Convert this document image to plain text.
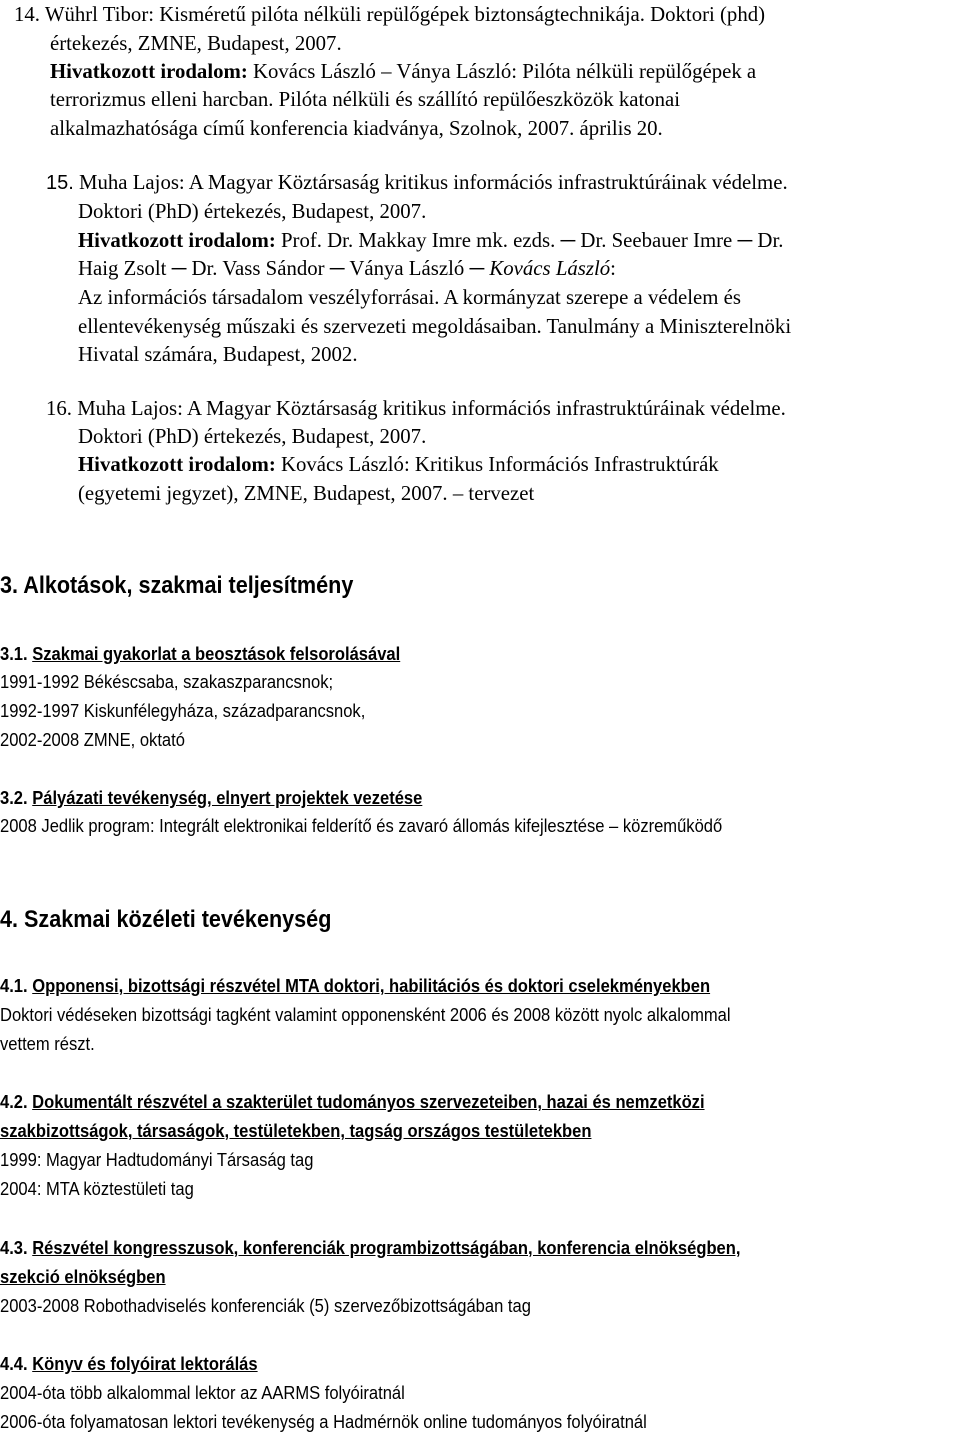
14. Wührl Tibor: Kisméretű pilóta nélküli repülőgépek biztonságtechnikája. Doktori (phd)
értekezés, ZMNE, Budapest, 2007.
Hivatkozott irodalom: Kovács László – Ványa László: Pilóta nélküli repülőgépek a
terrorizmus elleni harcban. Pilóta nélküli és szállító repülőeszközök katonai
alkalmazhatósága című konferencia kiadványa, Szolnok, 2007. április 20.
15. Muha Lajos: A Magyar Köztársaság kritikus információs infrastruktúráinak védelme.
Doktori (PhD) értekezés, Budapest, 2007.
Hivatkozott irodalom: Prof. Dr. Makkay Imre mk. ezds. ─ Dr. Seebauer Imre ─ Dr.
Haig Zsolt ─ Dr. Vass Sándor ─ Ványa László ─ Kovács László:
Az információs társadalom veszélyforrásai. A kormányzat szerepe a védelem és
ellentevékenység műszaki és szervezeti megoldásaiban. Tanulmány a Miniszterelnöki
Hivatal számára, Budapest, 2002.
16. Muha Lajos: A Magyar Köztársaság kritikus információs infrastruktúráinak védelme.
Doktori (PhD) értekezés, Budapest, 2007.
Hivatkozott irodalom: Kovács László: Kritikus Információs Infrastruktúrák
(egyetemi jegyzet), ZMNE, Budapest, 2007. – tervezet
3. Alkotások, szakmai teljesítmény
3.1. Szakmai gyakorlat a beosztások felsorolásával
1991-1992 Békéscsaba, szakaszparancsnok;
1992-1997 Kiskunfélegyháza, századparancsnok,
2002-2008 ZMNE, oktató
3.2. Pályázati tevékenység, elnyert projektek vezetése
2008 Jedlik program: Integrált elektronikai felderítő és zavaró állomás kifejlesztése – közreműködő
4. Szakmai közéleti tevékenység
4.1. Opponensi, bizottsági részvétel MTA doktori, habilitációs és doktori cselekményekben
Doktori védéseken bizottsági tagként valamint opponensként 2006 és 2008 között nyolc alkalommal
vettem részt.
4.2. Dokumentált részvétel a szakterület tudományos szervezeteiben, hazai és nemzetközi
szakbizottságok, társaságok, testületekben, tagság országos testületekben
1999: Magyar Hadtudományi Társaság tag
2004: MTA köztestületi tag
4.3. Részvétel kongresszusok, konferenciák programbizottságában, konferencia elnökségben,
szekció elnökségben
2003-2008 Robothadviselés konferenciák (5) szervezőbizottságában tag
4.4. Könyv és folyóirat lektorálás
2004-óta több alkalommal lektor az AARMS folyóiratnál
2006-óta folyamatosan lektori tevékenység a Hadmérnök online tudományos folyóiratnál
